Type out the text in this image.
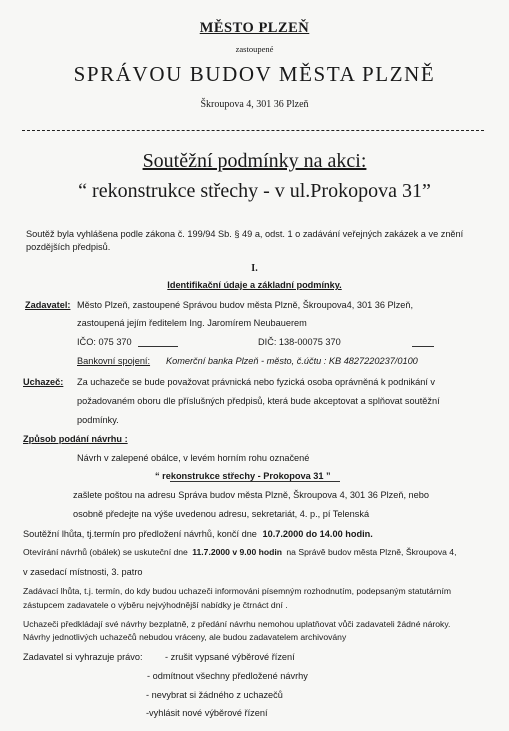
MĚSTO PLZEŇ
zastoupené
SPRÁVOU BUDOV MĚSTA PLZNĚ
Škroupova 4, 301 36 Plzeň
Soutěžní podmínky na akci:
“ rekonstrukce střechy - v ul.Prokopova 31”
Soutěž byla vyhlášena podle zákona č. 199/94 Sb. § 49 a, odst. 1 o zadávání veřejných zakázek a ve znění
pozdějších předpisů.
I.
Identifikační údaje a základní podmínky.
Zadavatel: Město Plzeň, zastoupené Správou budov města Plzně, Škroupova4, 301 36 Plzeň,
zastoupená jejím ředitelem Ing. Jaromírem Neubauerem
IČO: 075 370	DIČ: 138-00075 370
Bankovní spojení: Komerční banka Plzeň - město, č.účtu : KB 4827220237/0100
Uchazeč: Za uchazeče se bude považovat právnická nebo fyzická osoba oprávněná k podnikání v
požadovaném oboru dle příslušných předpisů, která bude akceptovat a splňovat soutěžní
podmínky.
Způsob podání návrhu :
Návrh v zalepené obálce, v levém horním rohu označené
“ rekonstrukce střechy - Prokopova 31 ”
zašlete poštou na adresu Správa budov města Plzně, Škroupova 4, 301 36 Plzeň, nebo
osobně předejte na výše uvedenou adresu, sekretariát, 4. p., pí Telenská
Soutěžní lhůta, tj.termín pro předložení návrhů, končí dne 10.7.2000 do 14.00 hodin.
Otevírání návrhů (obálek) se uskuteční dne 11.7.2000 v 9.00 hodin na Správě budov města Plzně, Škroupova 4,
v zasedací místnosti, 3. patro
Zadávací lhůta, t.j. termín, do kdy budou uchazeči informováni písemným rozhodnutím, podepsaným statutárním
zástupcem zadavatele o výběru nejvýhodnější nabídky je čtrnáct dní .
Uchazeči předkládají své návrhy bezplatně, z předání návrhu nemohou uplatňovat vůči zadavateli žádné nároky.
Návrhy jednotlivých uchazečů nebudou vráceny, ale budou zadavatelem archivovány
Zadavatel si vyhrazuje právo: - zrušit vypsané výběrové řízení
- odmítnout všechny předložené návrhy
- nevybrat si žádného z uchazečů
-vyhlásit nové výběrové řízení
